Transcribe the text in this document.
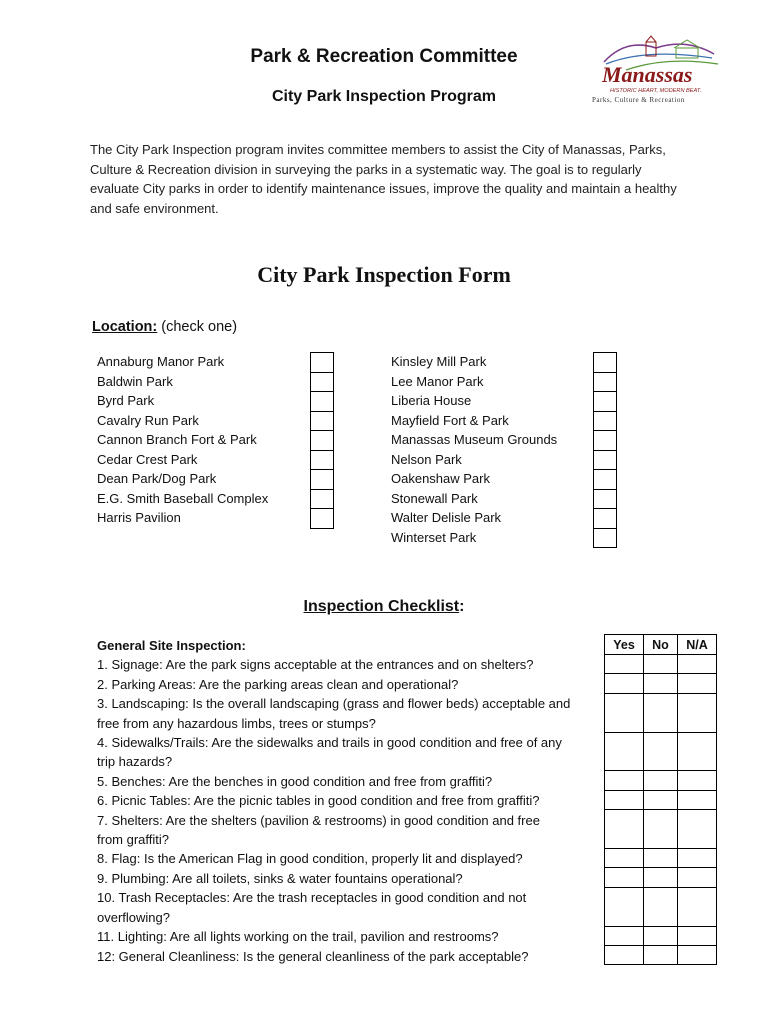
Park & Recreation Committee
City Park Inspection Program
Manassas
HISTORIC HEART, MODERN BEAT.
Parks, Culture & Recreation

The City Park Inspection program invites committee members to assist the City of Manassas, Parks, Culture & Recreation division in surveying the parks in a systematic way. The goal is to regularly evaluate City parks in order to identify maintenance issues, improve the quality and maintain a healthy and safe environment.

City Park Inspection Form
Location: (check one)
Annaburg Manor Park
Baldwin Park
Byrd Park
Cavalry Run Park
Cannon Branch Fort & Park
Cedar Crest Park
Dean Park/Dog Park
E.G. Smith Baseball Complex
Harris Pavilion
Kinsley Mill Park
Lee Manor Park
Liberia House
Mayfield Fort & Park
Manassas Museum Grounds
Nelson Park
Oakenshaw Park
Stonewall Park
Walter Delisle Park
Winterset Park
Inspection Checklist:
General Site Inspection:
1. Signage: Are the park signs acceptable at the entrances and on shelters?
2. Parking Areas: Are the parking areas clean and operational?
3. Landscaping: Is the overall landscaping (grass and flower beds) acceptable and
free from any hazardous limbs, trees or stumps?
4. Sidewalks/Trails: Are the sidewalks and trails in good condition and free of any
trip hazards?
5. Benches: Are the benches in good condition and free from graffiti?
6. Picnic Tables: Are the picnic tables in good condition and free from graffiti?
7. Shelters: Are the shelters (pavilion & restrooms) in good condition and free
from graffiti?
8. Flag: Is the American Flag in good condition, properly lit and displayed?
9. Plumbing: Are all toilets, sinks & water fountains operational?
10. Trash Receptacles: Are the trash receptacles in good condition and not
overflowing?
11. Lighting: Are all lights working on the trail, pavilion and restrooms?
12: General Cleanliness: Is the general cleanliness of the park acceptable?
Yes	No	N/A
